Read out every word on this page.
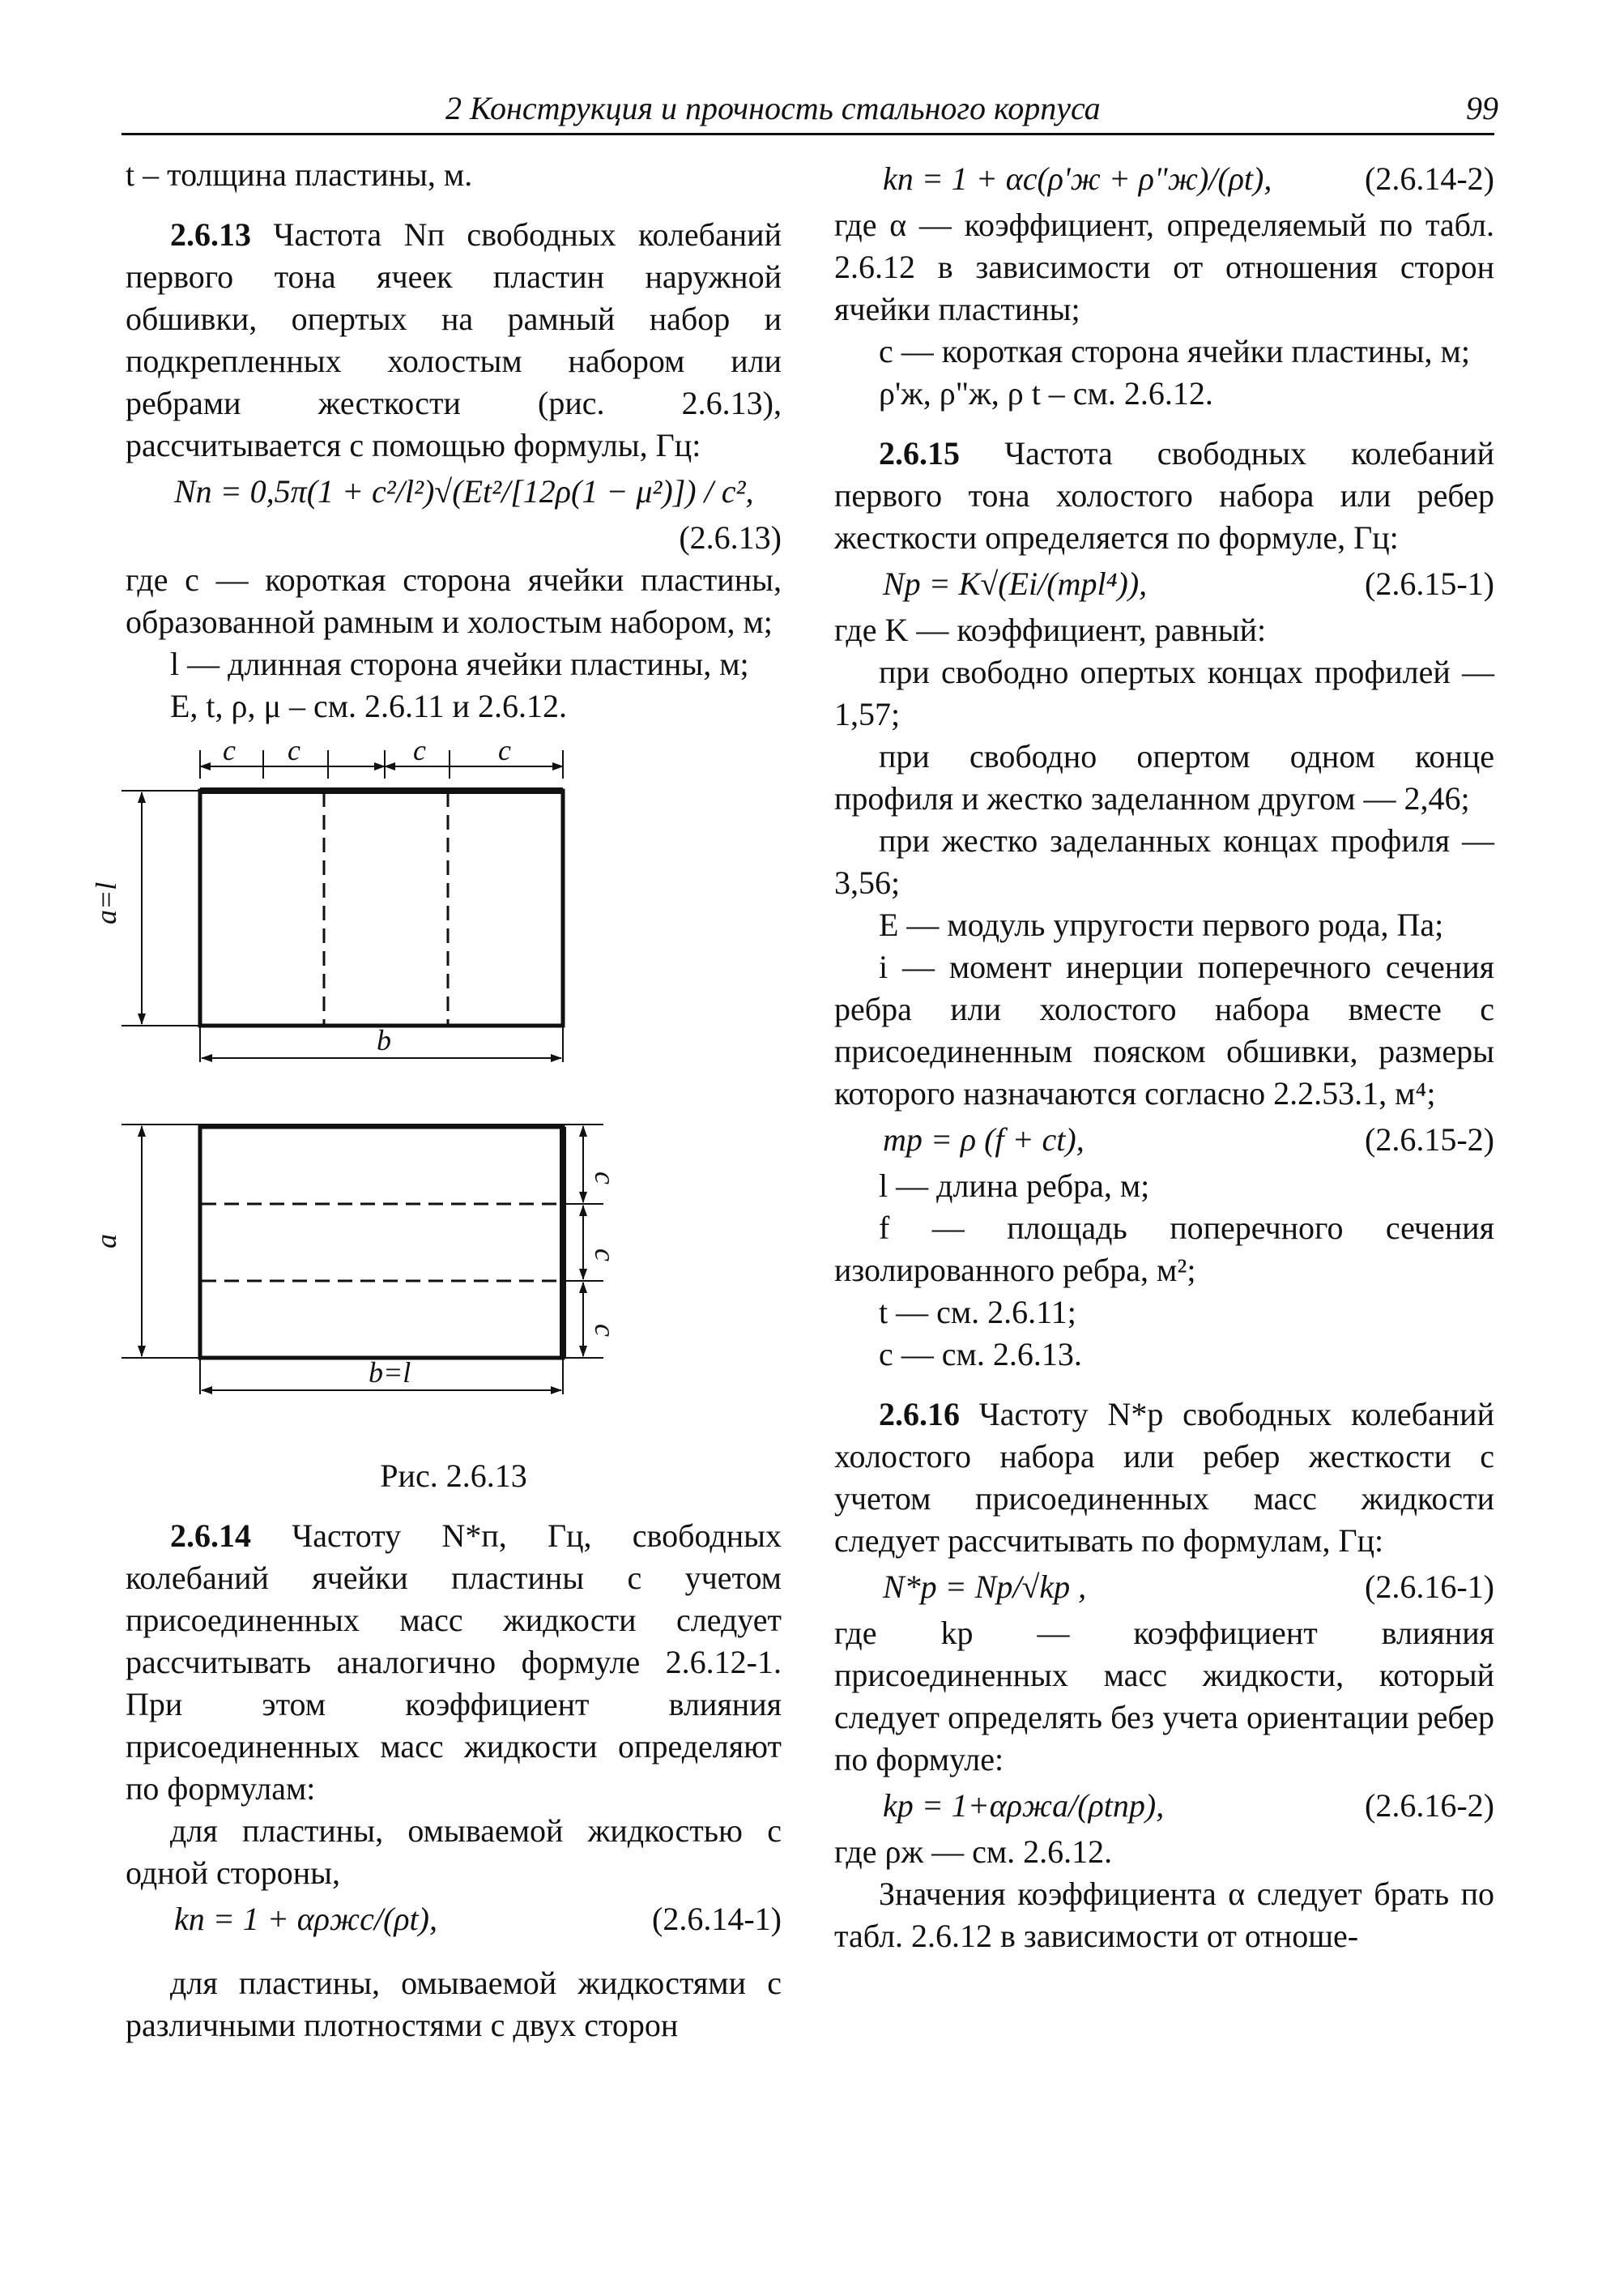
2 Конструкция и прочность стального корпуса	99

t – толщина пластины, м.

2.6.13 Частота Nп свободных колебаний первого тона ячеек пластин наружной обшивки, опертых на рамный набор и подкрепленных холостым набором или ребрами жесткости (рис. 2.6.13), рассчитывается с помощью формулы, Гц:

Nп = 0,5π(1 + c²/l²)√(Et²/[12ρ(1 − μ²)]) / c²,

(2.6.13)

где c — короткая сторона ячейки пластины, образованной рамным и холостым набором, м;

l — длинная сторона ячейки пластины, м;

E, t, ρ, μ – см. 2.6.11 и 2.6.12.

c c	c c
a=l
b
a
c
c
c
b=l

Рис. 2.6.13

2.6.14 Частоту N*п, Гц, свободных колебаний ячейки пластины с учетом присоединенных масс жидкости следует рассчитывать аналогично формуле 2.6.12-1. При этом коэффициент влияния присоединенных масс жидкости определяют по формулам:

для пластины, омываемой жидкостью с одной стороны,

kп = 1 + αρжc/(ρt),	(2.6.14-1)

для пластины, омываемой жидкостями с различными плотностями с двух сторон

kп = 1 + αc(ρ'ж + ρ"ж)/(ρt),	(2.6.14-2)

где α — коэффициент, определяемый по табл. 2.6.12 в зависимости от отношения сторон ячейки пластины;

c — короткая сторона ячейки пластины, м;

ρ'ж, ρ"ж, ρ t – см. 2.6.12.

2.6.15 Частота свободных колебаний первого тона холостого набора или ребер жесткости определяется по формуле, Гц:

Nр = K√(Ei/(mрl⁴)),	(2.6.15-1)

где K — коэффициент, равный:

при свободно опертых концах профилей — 1,57;

при свободно опертом одном конце профиля и жестко заделанном другом — 2,46;

при жестко заделанных концах профиля — 3,56;

E — модуль упругости первого рода, Па;

i — момент инерции поперечного сечения ребра или холостого набора вместе с присоединенным пояском обшивки, размеры которого назначаются согласно 2.2.53.1, м⁴;

mр = ρ (f + ct),	(2.6.15-2)

l — длина ребра, м;

f — площадь поперечного сечения изолированного ребра, м²;

t — см. 2.6.11;

c — см. 2.6.13.

2.6.16 Частоту N*р свободных колебаний холостого набора или ребер жесткости с учетом присоединенных масс жидкости следует рассчитывать по формулам, Гц:

N*р = Nр/√kр ,	(2.6.16-1)

где kр — коэффициент влияния присоединенных масс жидкости, который следует определять без учета ориентации ребер по формуле:

kр = 1+αρжa/(ρtпр),	(2.6.16-2)

где ρж — см. 2.6.12.

Значения коэффициента α следует брать по табл. 2.6.12 в зависимости от отноше-
